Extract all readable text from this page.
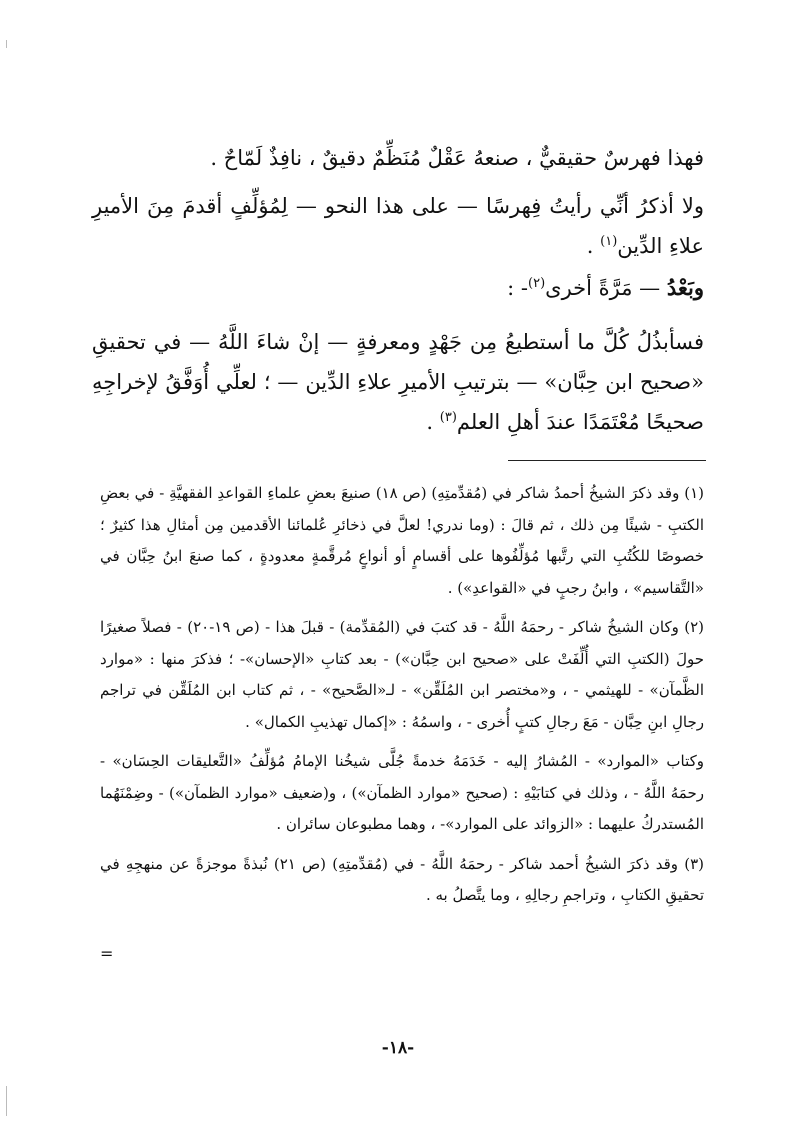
فهذا فهرسٌ حقيقيٌّ ، صنعهُ عَقْلٌ مُنَظِّمٌ دقيقٌ ، نافِذٌ لَمّاحٌ .

ولا أذكرُ أنِّي رأيتُ فِهرسًا — على هذا النحو — لِمُؤلِّفٍ أقدمَ مِنَ الأميرِ علاءِ الدِّين$^{(١)}$ .

وبَعْدُ — مَرَّةً أخرى$^{(٢)}$- :

فسأبذُلُ كُلَّ ما أستطيعُ مِن جَهْدٍ ومعرفةٍ — إنْ شاءَ اللَّهُ — في تحقيقِ «صحيح ابن حِبَّان» — بترتيبِ الأميرِ علاءِ الدِّين — ؛ لعلِّي أُوَفَّقُ لإخراجِهِ صحيحًا مُعْتَمَدًا عندَ أهلِ العلم$^{(٣)}$ .

(١) وقد ذكرَ الشيخُ أحمدُ شاكر في (مُقدِّمتِهِ) (ص ١٨) صنيعَ بعضِ علماءِ القواعدِ الفقهيَّةِ - في بعضِ الكتبِ - شيئًا مِن ذلك ، ثم قالَ : (وما ندري! لعلَّ في ذخائرِ عُلمائنا الأقدمين مِن أمثالِ هذا كثيرٌ ؛ خصوصًا للكُتُبِ التي رتَّبها مُؤلِّفُوها على أقسامٍ أو أنواعٍ مُرقَّمةٍ معدودةٍ ، كما صنعَ ابنُ حِبَّان في «التَّقاسيم» ، وابنُ رجبٍ في «القواعدِ») .

(٢) وكان الشيخُ شاكر - رحمَهُ اللَّهُ - قد كتبَ في (المُقدِّمة) - قبلَ هذا - (ص ١٩-٢٠) - فصلاً صغيرًا حولَ (الكتبِ التي أُلِّفَتْ على «صحيح ابن حِبَّان») - بعد كتابِ «الإحسان»- ؛ فذكرَ منها : «موارد الظَّمآن» - للهيثمي - ، و«مختصر ابن المُلَقِّن» - لـ«الصَّحيح» - ، ثم كتاب ابن المُلَقِّن في تراجم رجالِ ابنِ حِبَّان - مَعَ رجالِ كتبٍ أُخرى - ، واسمُهُ : «إكمال تهذيبِ الكمال» .

وكتاب «الموارد» - المُشارُ إليه - خَدَمَهُ خدمةً جُلَّى شيخُنا الإمامُ مُؤلِّفُ «التَّعليقات الحِسَان» - رحمَهُ اللَّهُ - ، وذلك في كتابَيْهِ : (صحيح «موارد الظمآن») ، و(ضعيف «موارد الظمآن») - وضِمْنَهُما المُستدركُ عليهما : «الزوائد على الموارد»- ، وهما مطبوعان سائران .

(٣) وقد ذكرَ الشيخُ أحمد شاكر - رحمَهُ اللَّهُ - في (مُقدِّمتِهِ) (ص ٢١) نُبذةً موجزةً عن منهجِهِ في تحقيقِ الكتابِ ، وتراجمِ رجالِهِ ، وما يتَّصلُ به .

=
-١٨-
